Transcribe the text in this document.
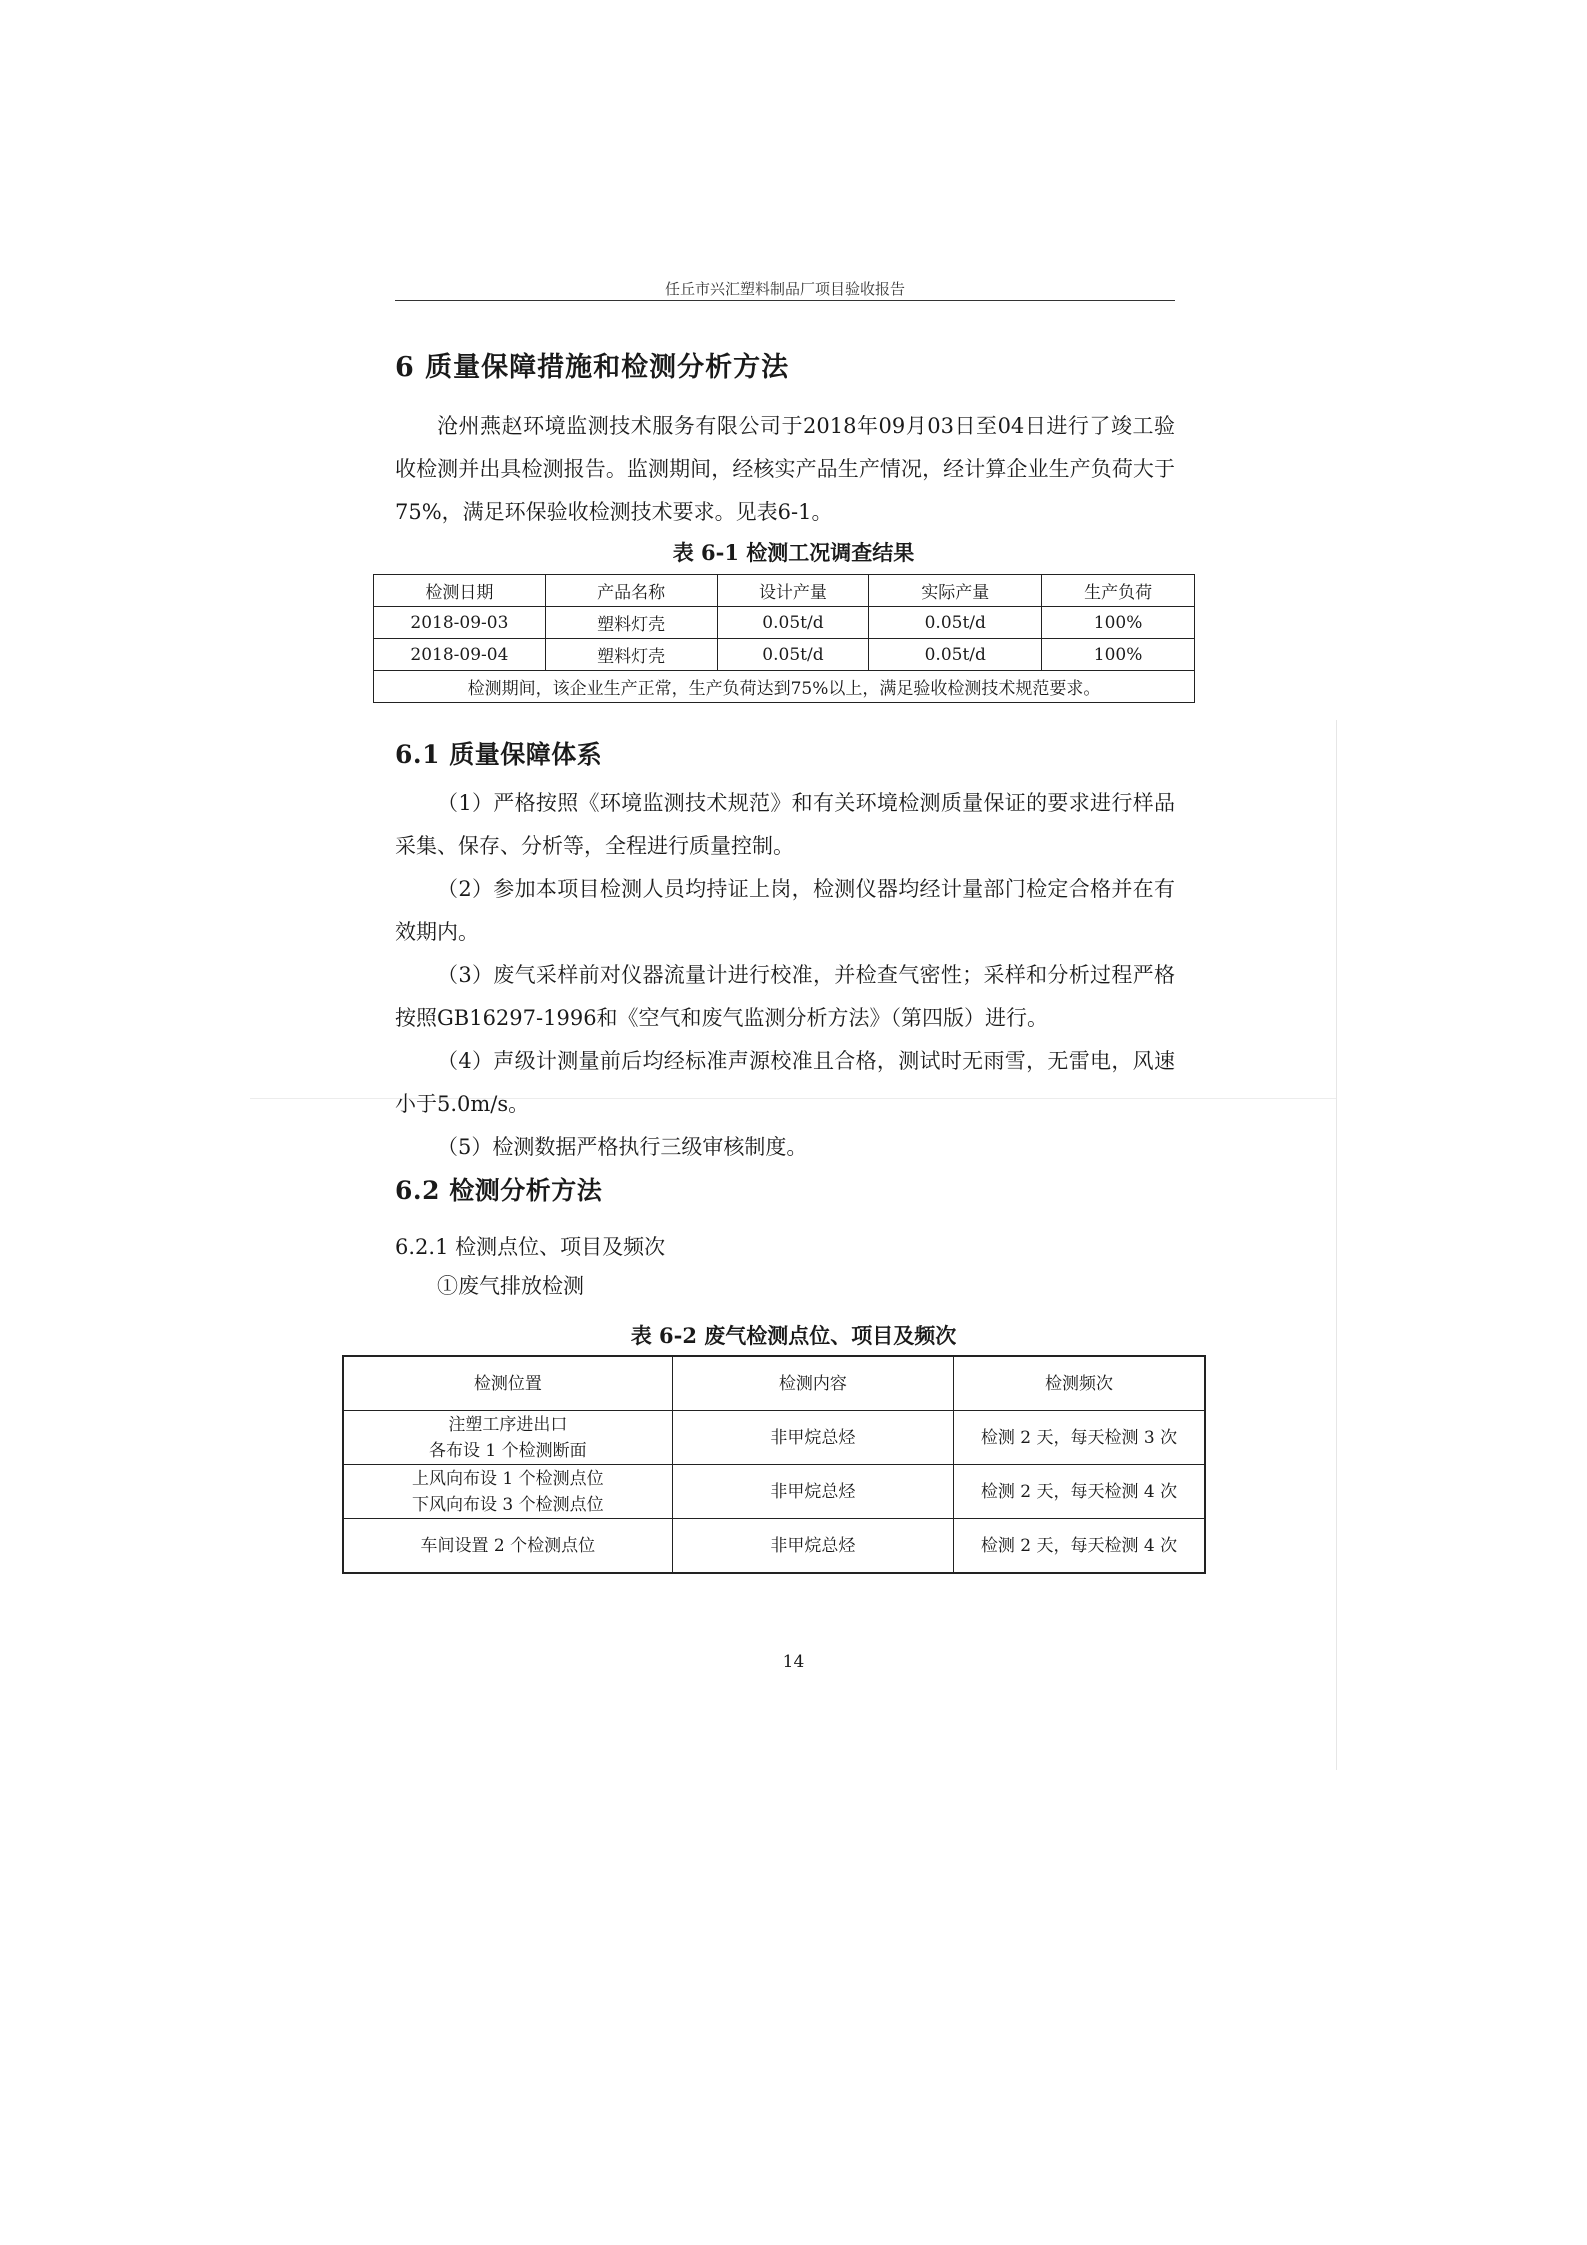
任丘市兴汇塑料制品厂项目验收报告
6 质量保障措施和检测分析方法
沧州燕赵环境监测技术服务有限公司于2018年09月03日至04日进行了竣工验收检测并出具检测报告。监测期间，经核实产品生产情况，经计算企业生产负荷大于75%，满足环保验收检测技术要求。见表6-1。
表 6-1 检测工况调查结果
检测日期	产品名称	设计产量	实际产量	生产负荷
2018-09-03	塑料灯壳	0.05t/d	0.05t/d	100%
2018-09-04	塑料灯壳	0.05t/d	0.05t/d	100%
检测期间，该企业生产正常，生产负荷达到75%以上，满足验收检测技术规范要求。				
6.1 质量保障体系
（1）严格按照《环境监测技术规范》和有关环境检测质量保证的要求进行样品采集、保存、分析等，全程进行质量控制。
（2）参加本项目检测人员均持证上岗，检测仪器均经计量部门检定合格并在有效期内。
（3）废气采样前对仪器流量计进行校准，并检查气密性；采样和分析过程严格按照GB16297-1996和《空气和废气监测分析方法》（第四版）进行。
（4）声级计测量前后均经标准声源校准且合格，测试时无雨雪，无雷电，风速小于5.0m/s。
（5）检测数据严格执行三级审核制度。
6.2 检测分析方法
6.2.1 检测点位、项目及频次
①废气排放检测
表 6-2 废气检测点位、项目及频次
检测位置	检测内容	检测频次

注塑工序进出口
各布设 1 个检测断面	非甲烷总烃	检测 2 天，每天检测 3 次

上风向布设 1 个检测点位
下风向布设 3 个检测点位	非甲烷总烃	检测 2 天，每天检测 4 次

车间设置 2 个检测点位	非甲烷总烃	检测 2 天，每天检测 4 次
14
